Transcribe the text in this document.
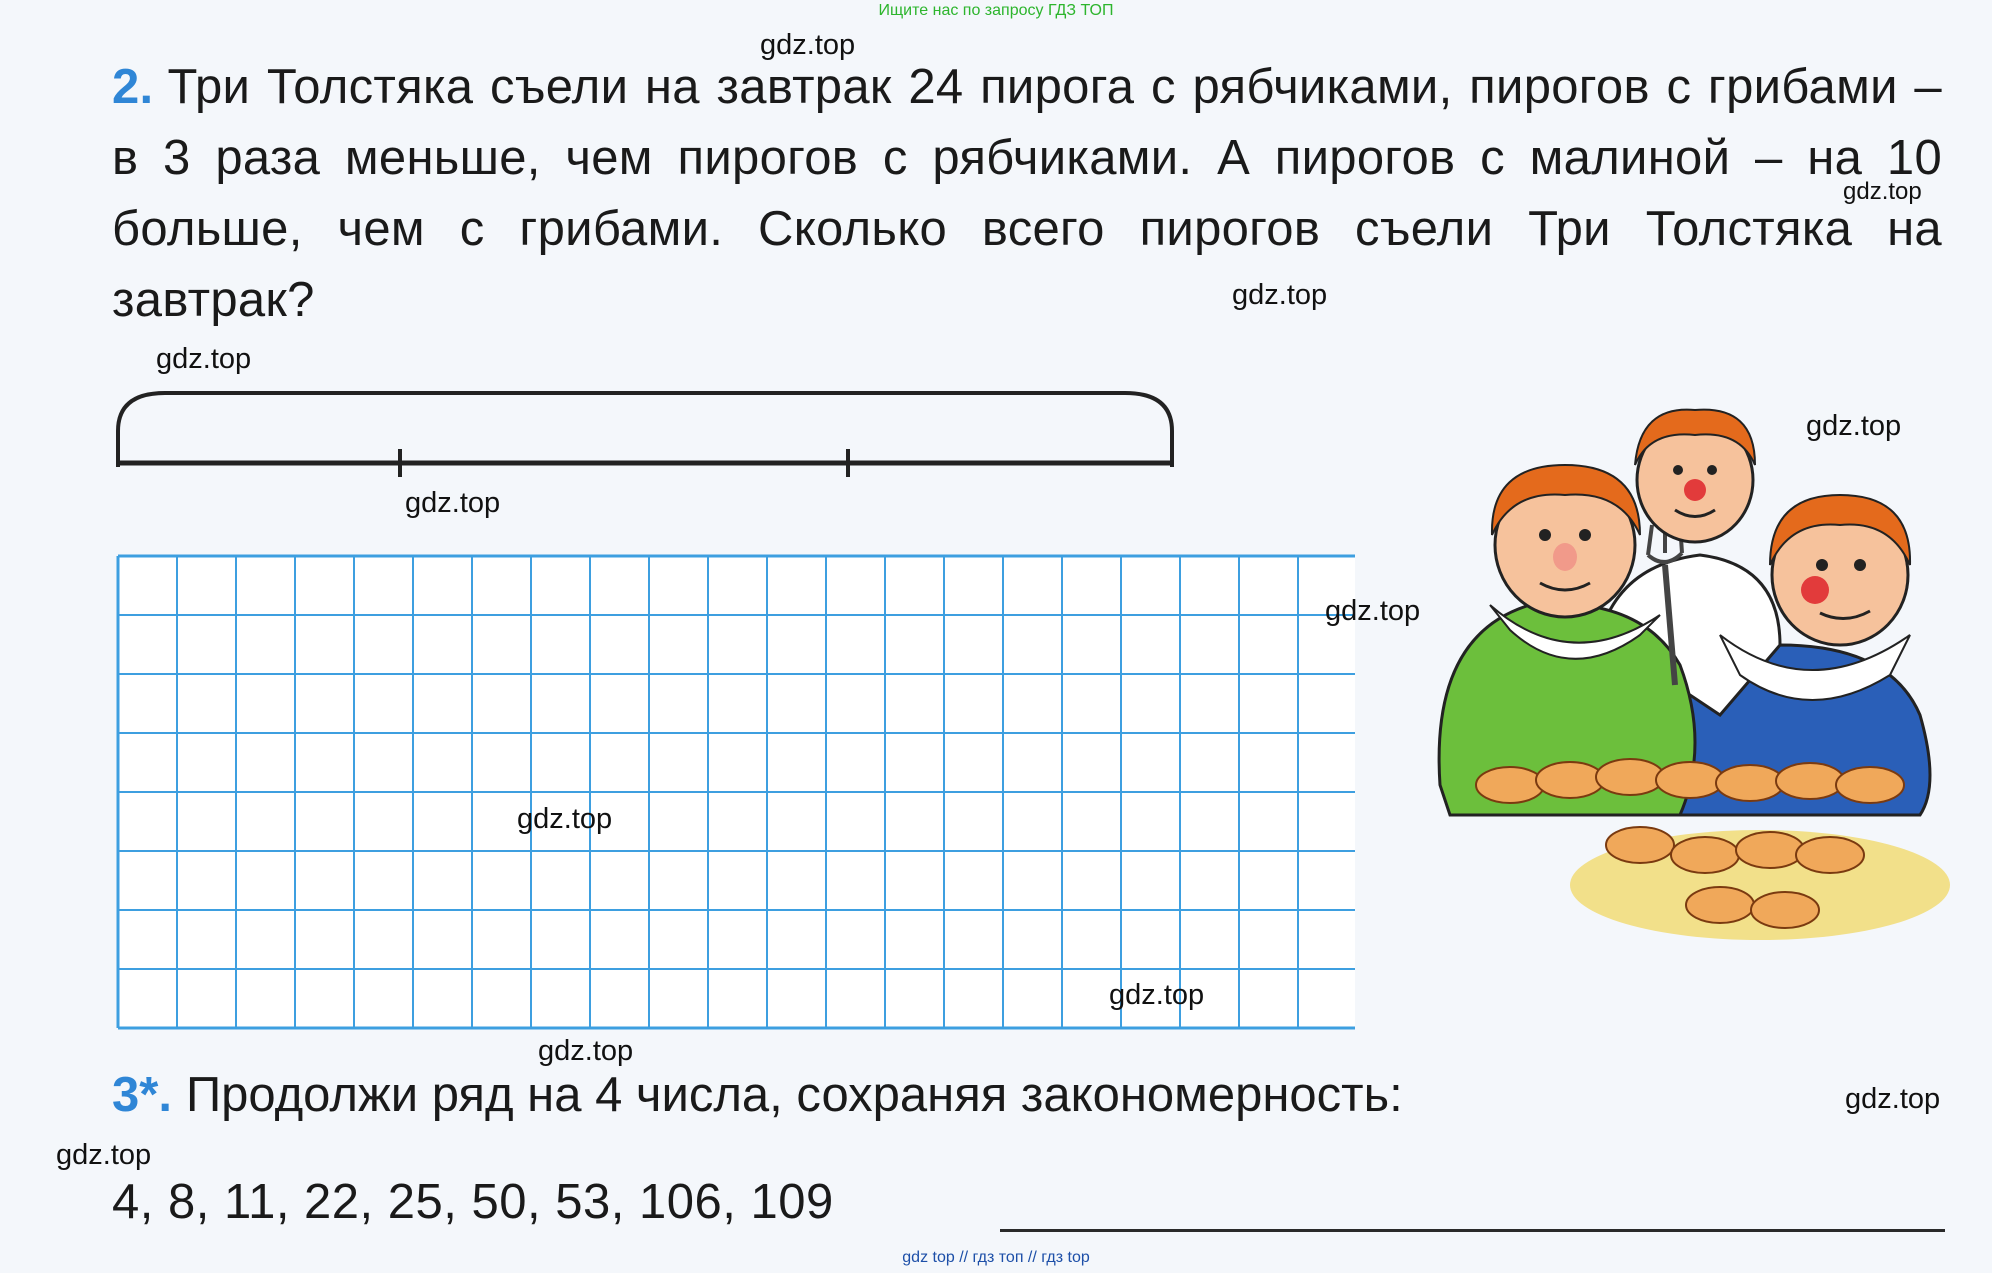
Ищите нас по запросу ГДЗ ТОП
2. Три Толстяка съели на завтрак 24 пирога с рябчиками, пирогов с грибами – в 3 раза меньше, чем пирогов с рябчиками. А пирогов с малиной – на 10 больше, чем с грибами. Сколько всего пирогов съели Три Толстяка на завтрак?
3*. Продолжи ряд на 4 числа, сохраняя закономерность:
4, 8, 11, 22, 25, 50, 53, 106, 109
gdz.top
gdz.top
gdz.top
gdz.top
gdz.top
gdz.top
gdz.top
gdz.top
gdz.top
gdz.top
gdz.top
gdz.top
gdz top // гдз топ // гдз top
